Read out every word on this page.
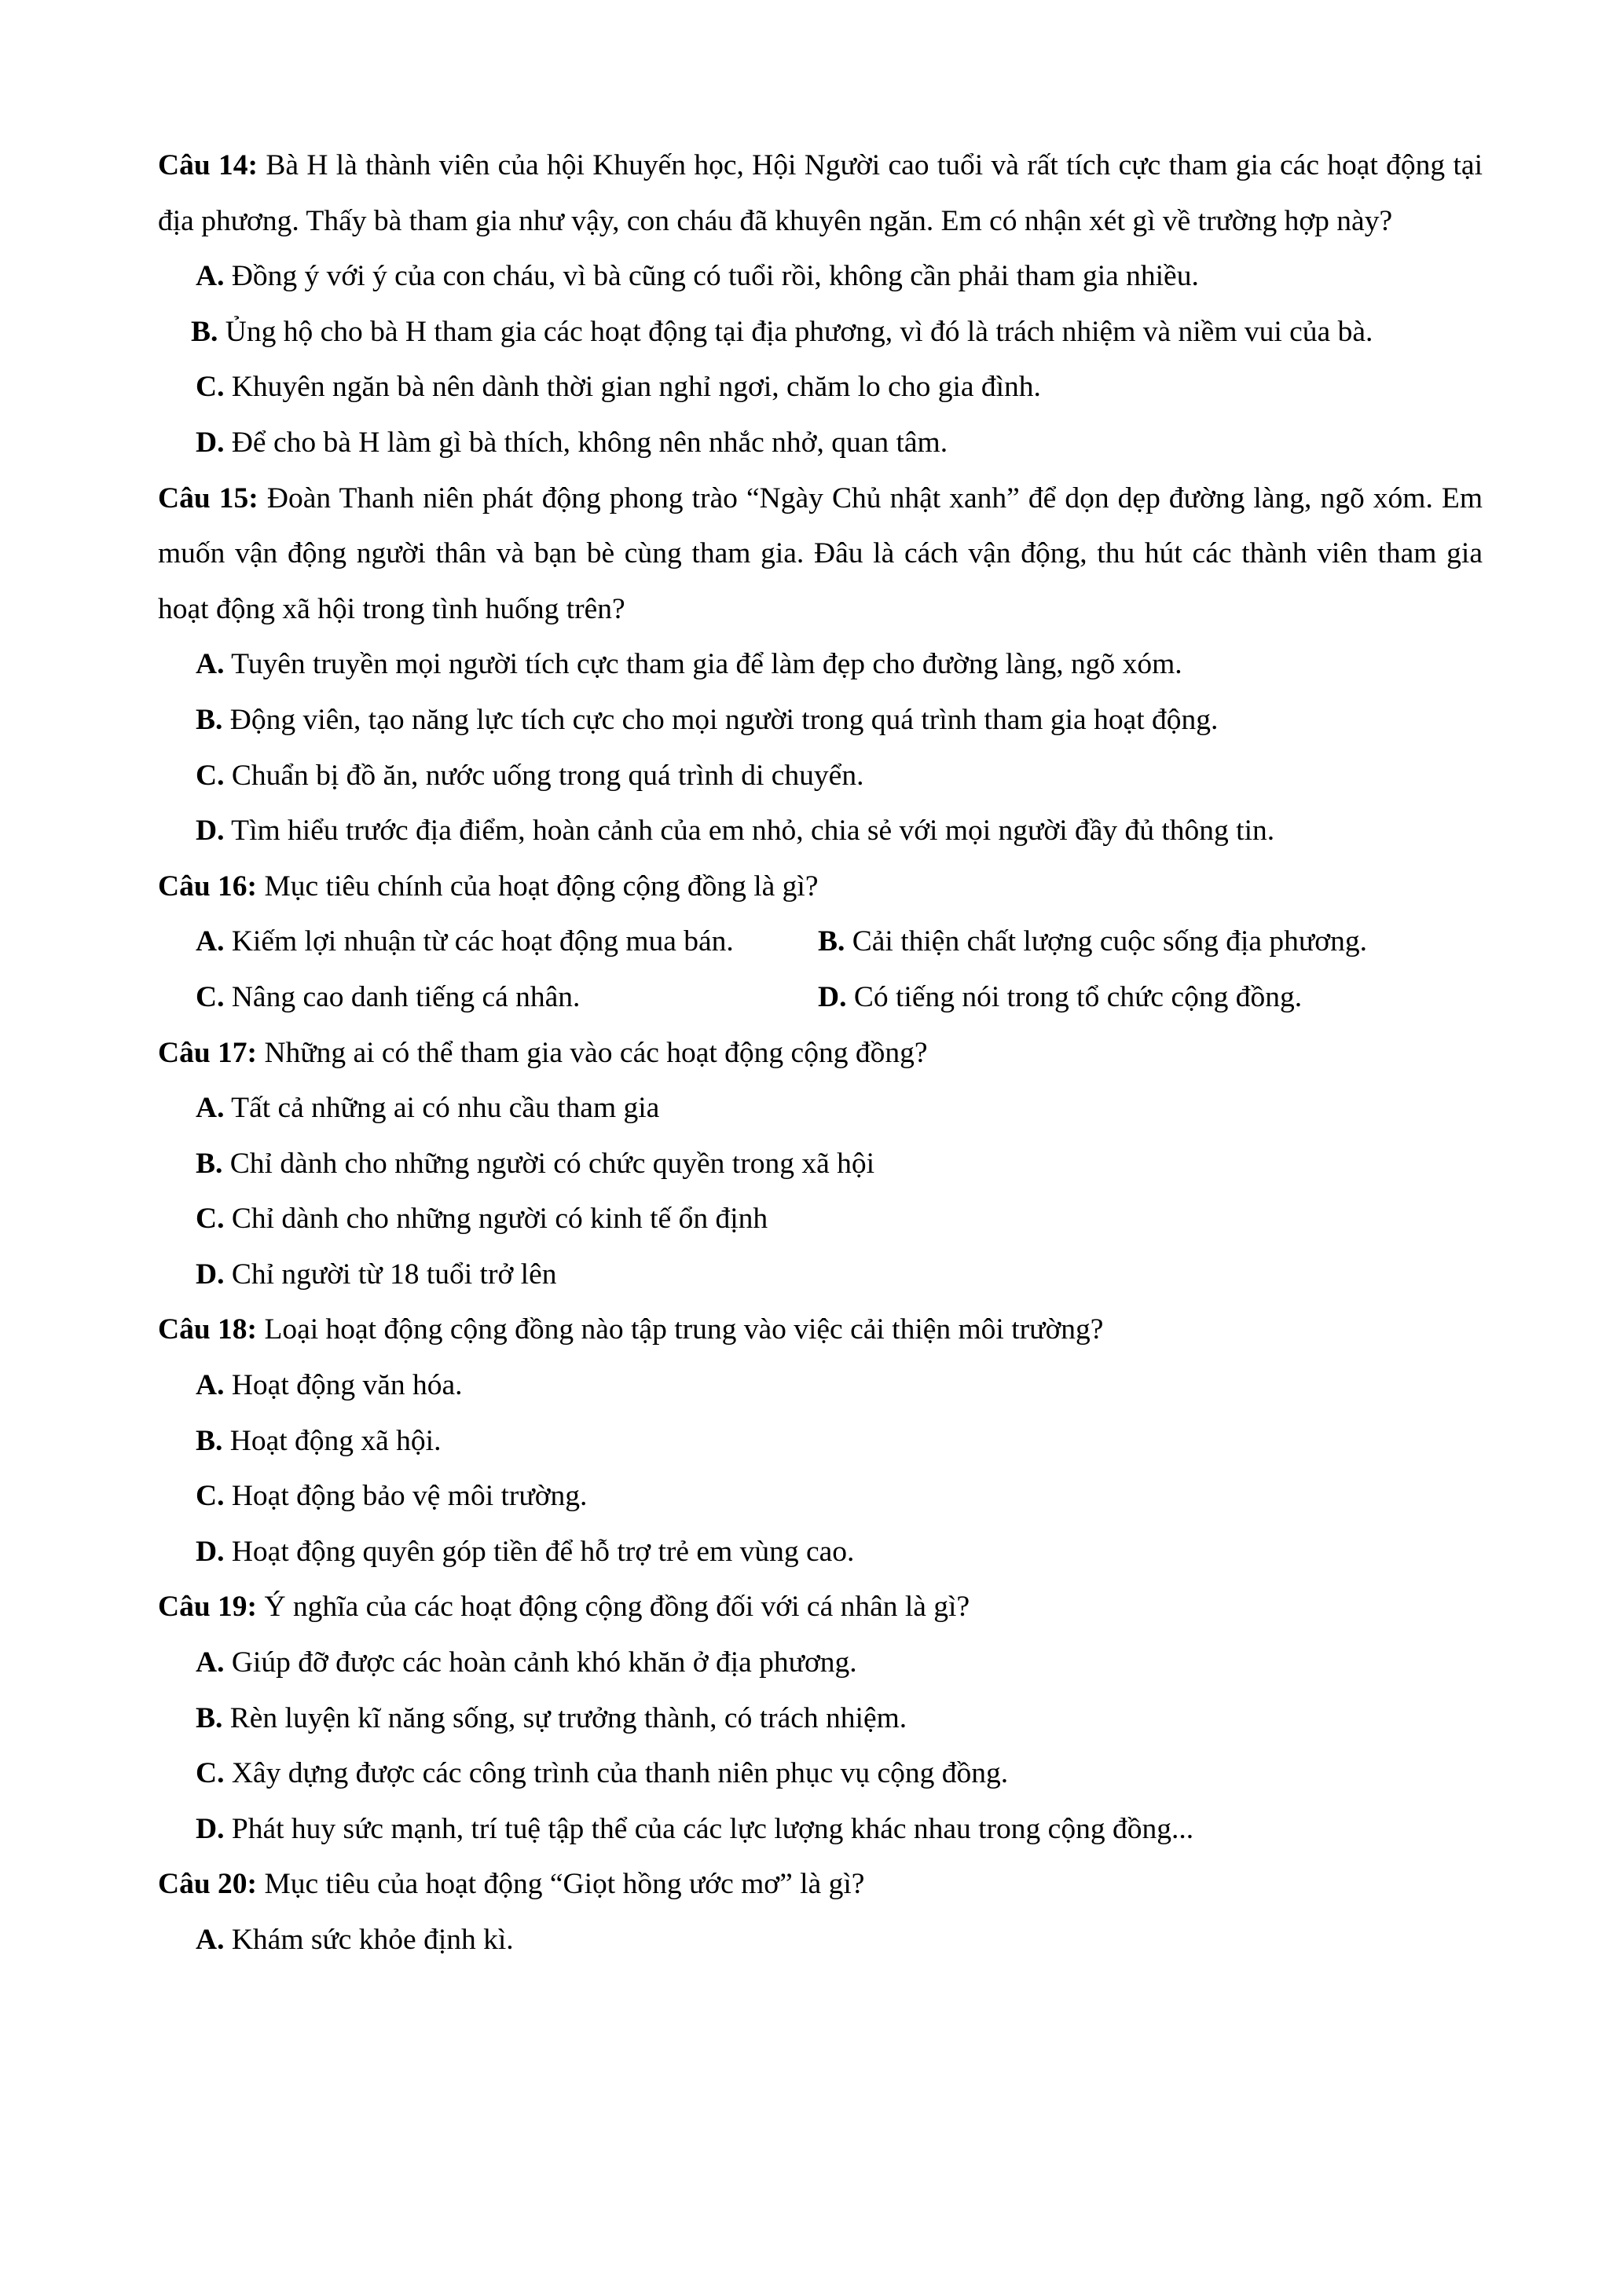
Câu 14: Bà H là thành viên của hội Khuyến học, Hội Người cao tuổi và rất tích cực tham gia các hoạt động tại địa phương. Thấy bà tham gia như vậy, con cháu đã khuyên ngăn. Em có nhận xét gì về trường hợp này?
A. Đồng ý với ý của con cháu, vì bà cũng có tuổi rồi, không cần phải tham gia nhiều.
B. Ủng hộ cho bà H tham gia các hoạt động tại địa phương, vì đó là trách nhiệm và niềm vui của bà.
C. Khuyên ngăn bà nên dành thời gian nghỉ ngơi, chăm lo cho gia đình.
D. Để cho bà H làm gì bà thích, không nên nhắc nhở, quan tâm.
Câu 15: Đoàn Thanh niên phát động phong trào “Ngày Chủ nhật xanh” để dọn dẹp đường làng, ngõ xóm. Em muốn vận động người thân và bạn bè cùng tham gia. Đâu là cách vận động, thu hút các thành viên tham gia hoạt động xã hội trong tình huống trên?
A. Tuyên truyền mọi người tích cực tham gia để làm đẹp cho đường làng, ngõ xóm.
B. Động viên, tạo năng lực tích cực cho mọi người trong quá trình tham gia hoạt động.
C. Chuẩn bị đồ ăn, nước uống trong quá trình di chuyển.
D. Tìm hiểu trước địa điểm, hoàn cảnh của em nhỏ, chia sẻ với mọi người đầy đủ thông tin.
Câu 16: Mục tiêu chính của hoạt động cộng đồng là gì?
A. Kiếm lợi nhuận từ các hoạt động mua bán.	B. Cải thiện chất lượng cuộc sống địa phương.
C. Nâng cao danh tiếng cá nhân.	D. Có tiếng nói trong tổ chức cộng đồng.
Câu 17: Những ai có thể tham gia vào các hoạt động cộng đồng?
A. Tất cả những ai có nhu cầu tham gia
B. Chỉ dành cho những người có chức quyền trong xã hội
C. Chỉ dành cho những người có kinh tế ổn định
D. Chỉ người từ 18 tuổi trở lên
Câu 18: Loại hoạt động cộng đồng nào tập trung vào việc cải thiện môi trường?
A. Hoạt động văn hóa.
B. Hoạt động xã hội.
C. Hoạt động bảo vệ môi trường.
D. Hoạt động quyên góp tiền để hỗ trợ trẻ em vùng cao.
Câu 19: Ý nghĩa của các hoạt động cộng đồng đối với cá nhân là gì?
A. Giúp đỡ được các hoàn cảnh khó khăn ở địa phương.
B. Rèn luyện kĩ năng sống, sự trưởng thành, có trách nhiệm.
C. Xây dựng được các công trình của thanh niên phục vụ cộng đồng.
D. Phát huy sức mạnh, trí tuệ tập thể của các lực lượng khác nhau trong cộng đồng...
Câu 20: Mục tiêu của hoạt động “Giọt hồng ước mơ” là gì?
A. Khám sức khỏe định kì.
